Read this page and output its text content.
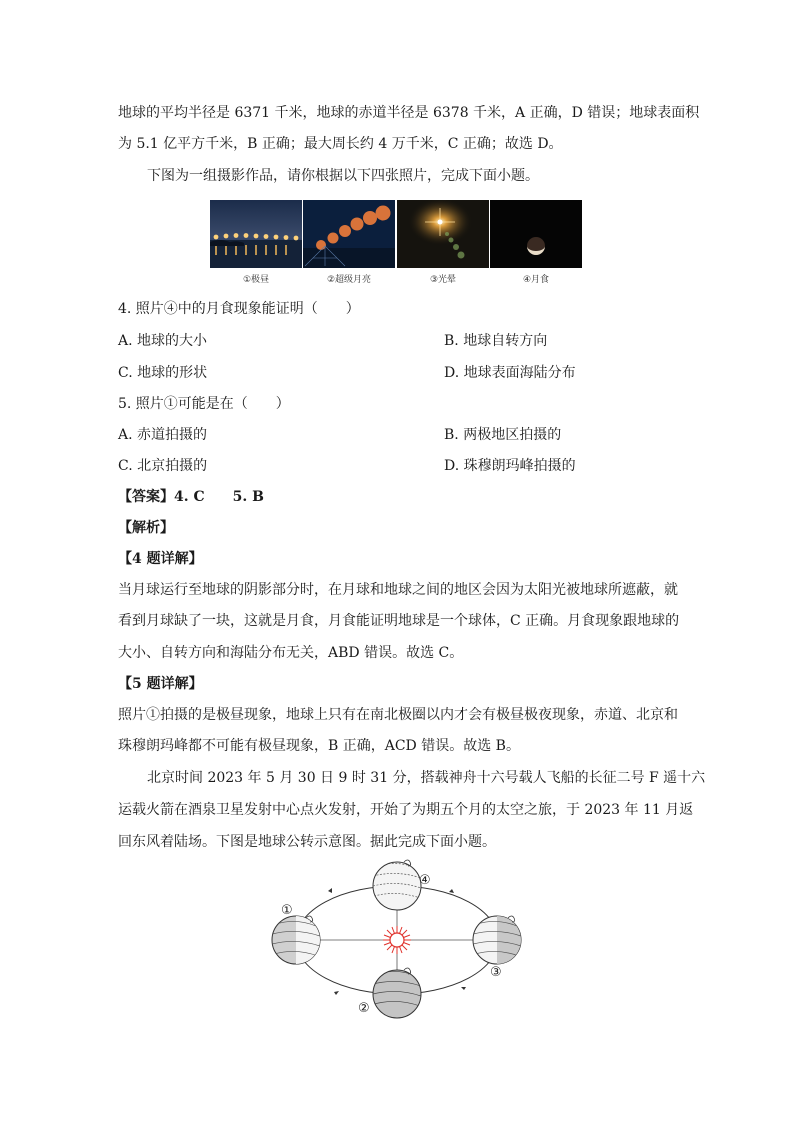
地球的平均半径是 6371 千米，地球的赤道半径是 6378 千米，A 正确，D 错误；地球表面积
为 5.1 亿平方千米，B 正确；最大周长约 4 万千米，C 正确；故选 D。
下图为一组摄影作品，请你根据以下四张照片，完成下面小题。
①极昼	②超级月亮	③光晕	④月食
4. 照片④中的月食现象能证明（　　）
A. 地球的大小	B. 地球自转方向
C. 地球的形状	D. 地球表面海陆分布
5. 照片①可能是在（　　）
A. 赤道拍摄的	B. 两极地区拍摄的
C. 北京拍摄的	D. 珠穆朗玛峰拍摄的
【答案】4. C　　5. B
【解析】
【4 题详解】
当月球运行至地球的阴影部分时，在月球和地球之间的地区会因为太阳光被地球所遮蔽，就
看到月球缺了一块，这就是月食，月食能证明地球是一个球体，C 正确。月食现象跟地球的
大小、自转方向和海陆分布无关，ABD 错误。故选 C。
【5 题详解】
照片①拍摄的是极昼现象，地球上只有在南北极圈以内才会有极昼极夜现象，赤道、北京和
珠穆朗玛峰都不可能有极昼现象，B 正确，ACD 错误。故选 B。
北京时间 2023 年 5 月 30 日 9 时 31 分，搭载神舟十六号载人飞船的长征二号 F 遥十六
运载火箭在酒泉卫星发射中心点火发射，开始了为期五个月的太空之旅，于 2023 年 11 月返
回东风着陆场。下图是地球公转示意图。据此完成下面小题。
①
②
③
④
